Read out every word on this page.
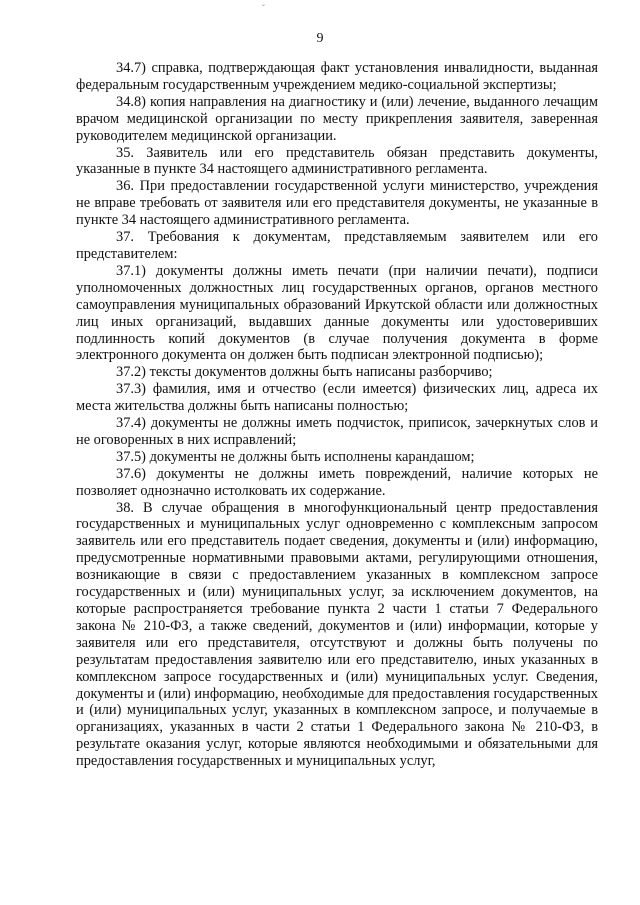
ˇ
9

34.7) справка, подтверждающая факт установления инвалидности, выданная федеральным государственным учреждением медико-социальной экспертизы;

34.8) копия направления на диагностику и (или) лечение, выданного лечащим врачом медицинской организации по месту прикрепления заявителя, заверенная руководителем медицинской организации.

35. Заявитель или его представитель обязан представить документы, указанные в пункте 34 настоящего административного регламента.

36. При предоставлении государственной услуги министерство, учреждения не вправе требовать от заявителя или его представителя документы, не указанные в пункте 34 настоящего административного регламента.

37. Требования к документам, представляемым заявителем или его представителем:

37.1) документы должны иметь печати (при наличии печати), подписи уполномоченных должностных лиц государственных органов, органов местного самоуправления муниципальных образований Иркутской области или должностных лиц иных организаций, выдавших данные документы или удостоверивших подлинность копий документов (в случае получения документа в форме электронного документа он должен быть подписан электронной подписью);

37.2) тексты документов должны быть написаны разборчиво;

37.3) фамилия, имя и отчество (если имеется) физических лиц, адреса их места жительства должны быть написаны полностью;

37.4) документы не должны иметь подчисток, приписок, зачеркнутых слов и не оговоренных в них исправлений;

37.5) документы не должны быть исполнены карандашом;

37.6) документы не должны иметь повреждений, наличие которых не позволяет однозначно истолковать их содержание.

38. В случае обращения в многофункциональный центр предоставления государственных и муниципальных услуг одновременно с комплексным запросом заявитель или его представитель подает сведения, документы и (или) информацию, предусмотренные нормативными правовыми актами, регулирующими отношения, возникающие в связи с предоставлением указанных в комплексном запросе государственных и (или) муниципальных услуг, за исключением документов, на которые распространяется требование пункта 2 части 1 статьи 7 Федерального закона № 210-ФЗ, а также сведений, документов и (или) информации, которые у заявителя или его представителя, отсутствуют и должны быть получены по результатам предоставления заявителю или его представителю, иных указанных в комплексном запросе государственных и (или) муниципальных услуг. Сведения, документы и (или) информацию, необходимые для предоставления государственных и (или) муниципальных услуг, указанных в комплексном запросе, и получаемые в организациях, указанных в части 2 статьи 1 Федерального закона № 210-ФЗ, в результате оказания услуг, которые являются необходимыми и обязательными для предоставления государственных и муниципальных услуг,
